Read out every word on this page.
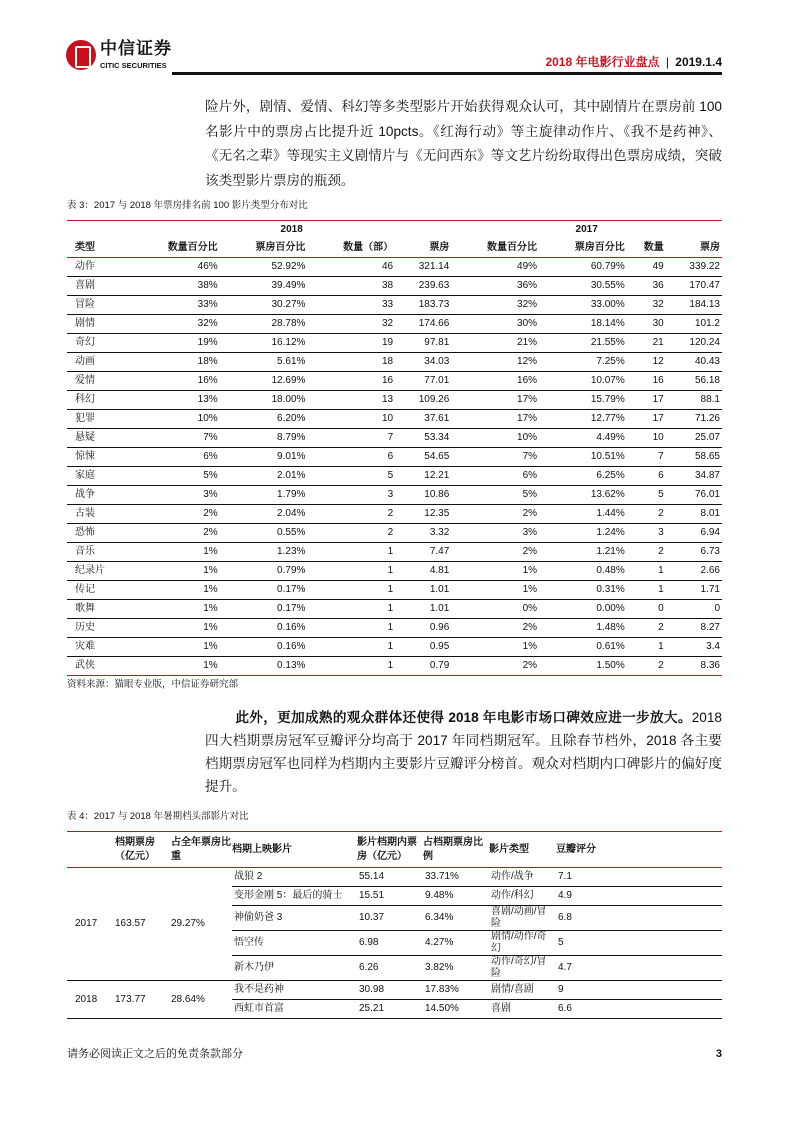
中信证券
CITIC SECURITIES	2018 年电影行业盘点 | 2019.1.4

险片外，剧情、爱情、科幻等多类型影片开始获得观众认可，其中剧情片在票房前 100 名影片中的票房占比提升近 10pcts。《红海行动》等主旋律动作片、《我不是药神》、《无名之辈》等现实主义剧情片与《无问西东》等文艺片纷纷取得出色票房成绩，突破该类型影片票房的瓶颈。

表 3：2017 与 2018 年票房排名前 100 影片类型分布对比
	2018				2017			
类型	数量百分比	票房百分比	数量（部）	票房	数量百分比	票房百分比	数量	票房
动作	46%	52.92%	46	321.14	49%	60.79%	49	339.22
喜剧	38%	39.49%	38	239.63	36%	30.55%	36	170.47
冒险	33%	30.27%	33	183.73	32%	33.00%	32	184.13
剧情	32%	28.78%	32	174.66	30%	18.14%	30	101.2
奇幻	19%	16.12%	19	97.81	21%	21.55%	21	120.24
动画	18%	5.61%	18	34.03	12%	7.25%	12	40.43
爱情	16%	12.69%	16	77.01	16%	10.07%	16	56.18
科幻	13%	18.00%	13	109.26	17%	15.79%	17	88.1
犯罪	10%	6.20%	10	37.61	17%	12.77%	17	71.26
悬疑	7%	8.79%	7	53.34	10%	4.49%	10	25.07
惊悚	6%	9.01%	6	54.65	7%	10.51%	7	58.65
家庭	5%	2.01%	5	12.21	6%	6.25%	6	34.87
战争	3%	1.79%	3	10.86	5%	13.62%	5	76.01
古装	2%	2.04%	2	12.35	2%	1.44%	2	8.01
恐怖	2%	0.55%	2	3.32	3%	1.24%	3	6.94
音乐	1%	1.23%	1	7.47	2%	1.21%	2	6.73
纪录片	1%	0.79%	1	4.81	1%	0.48%	1	2.66
传记	1%	0.17%	1	1.01	1%	0.31%	1	1.71
歌舞	1%	0.17%	1	1.01	0%	0.00%	0	0
历史	1%	0.16%	1	0.96	2%	1.48%	2	8.27
灾难	1%	0.16%	1	0.95	1%	0.61%	1	3.4
武侠	1%	0.13%	1	0.79	2%	1.50%	2	8.36
资料来源：猫眼专业版，中信证券研究部

此外，更加成熟的观众群体还使得 2018 年电影市场口碑效应进一步放大。2018 四大档期票房冠军豆瓣评分均高于 2017 年同档期冠军。且除春节档外，2018 各主要档期票房冠军也同样为档期内主要影片豆瓣评分榜首。观众对档期内口碑影片的偏好度提升。

表 4：2017 与 2018 年暑期档头部影片对比
	档期票房（亿元）	占全年票房比重	档期上映影片	影片档期内票房（亿元）	占档期票房比例	影片类型	豆瓣评分
2017	163.57	29.27%	战狼 2	55.14	33.71%	动作/战争	7.1
			变形金刚 5：最后的骑士	15.51	9.48%	动作/科幻	4.9
			神偷奶爸 3	10.37	6.34%	喜剧/动画/冒险	6.8
			悟空传	6.98	4.27%	剧情/动作/奇幻	5
			新木乃伊	6.26	3.82%	动作/奇幻/冒险	4.7
2018	173.77	28.64%	我不是药神	30.98	17.83%	剧情/喜剧	9
			西虹市首富	25.21	14.50%	喜剧	6.6
请务必阅读正文之后的免责条款部分	3
